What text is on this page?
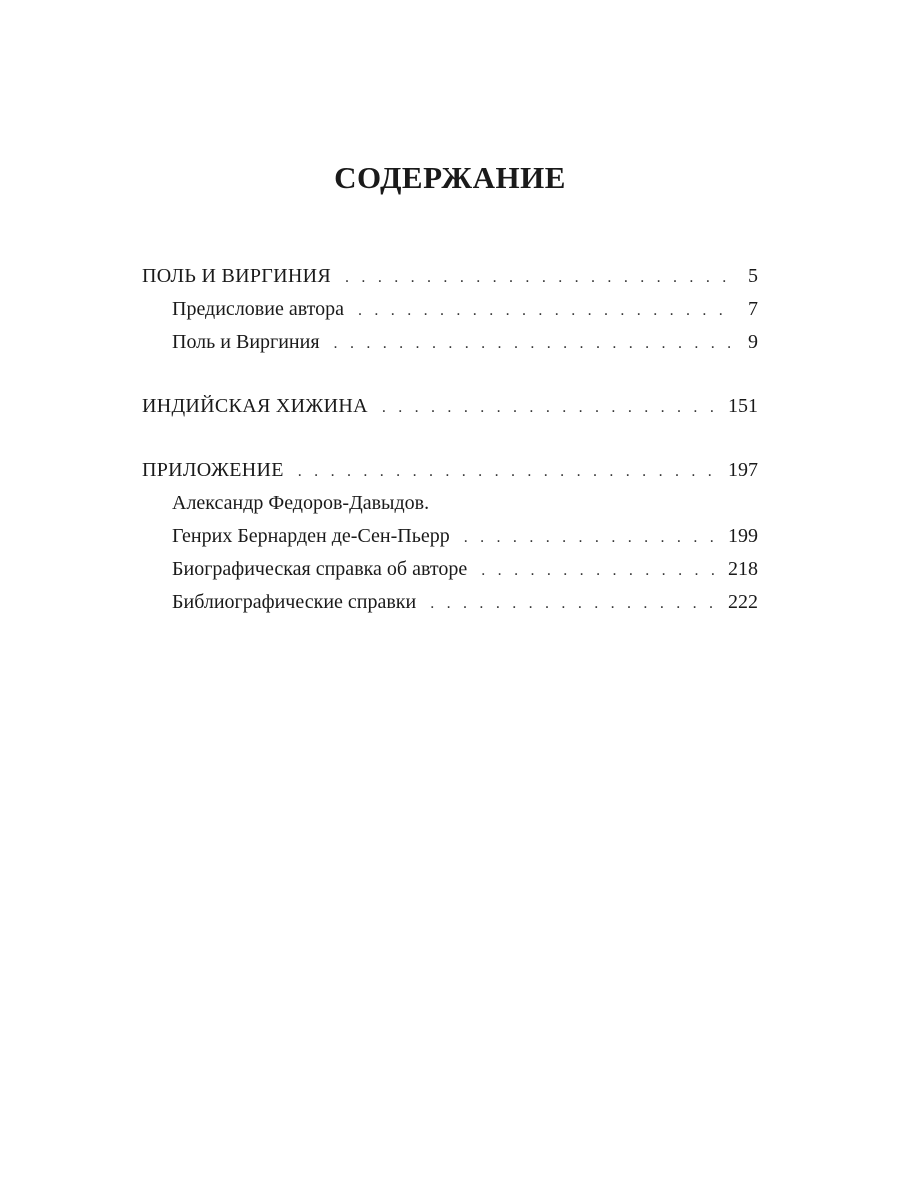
СОДЕРЖАНИЕ
ПОЛЬ И ВИРГИНИЯ . . .	5
Предисловие автора . . .	7
Поль и Виргиния . . .	9
ИНДИЙСКАЯ ХИЖИНА . . .	151
ПРИЛОЖЕНИЕ . . .	197
Александр Федоров-Давыдов.
Генрих Бернарден де-Сен-Пьерр . . .	199
Биографическая справка об авторе . . .	218
Библиографические справки . . .	222
